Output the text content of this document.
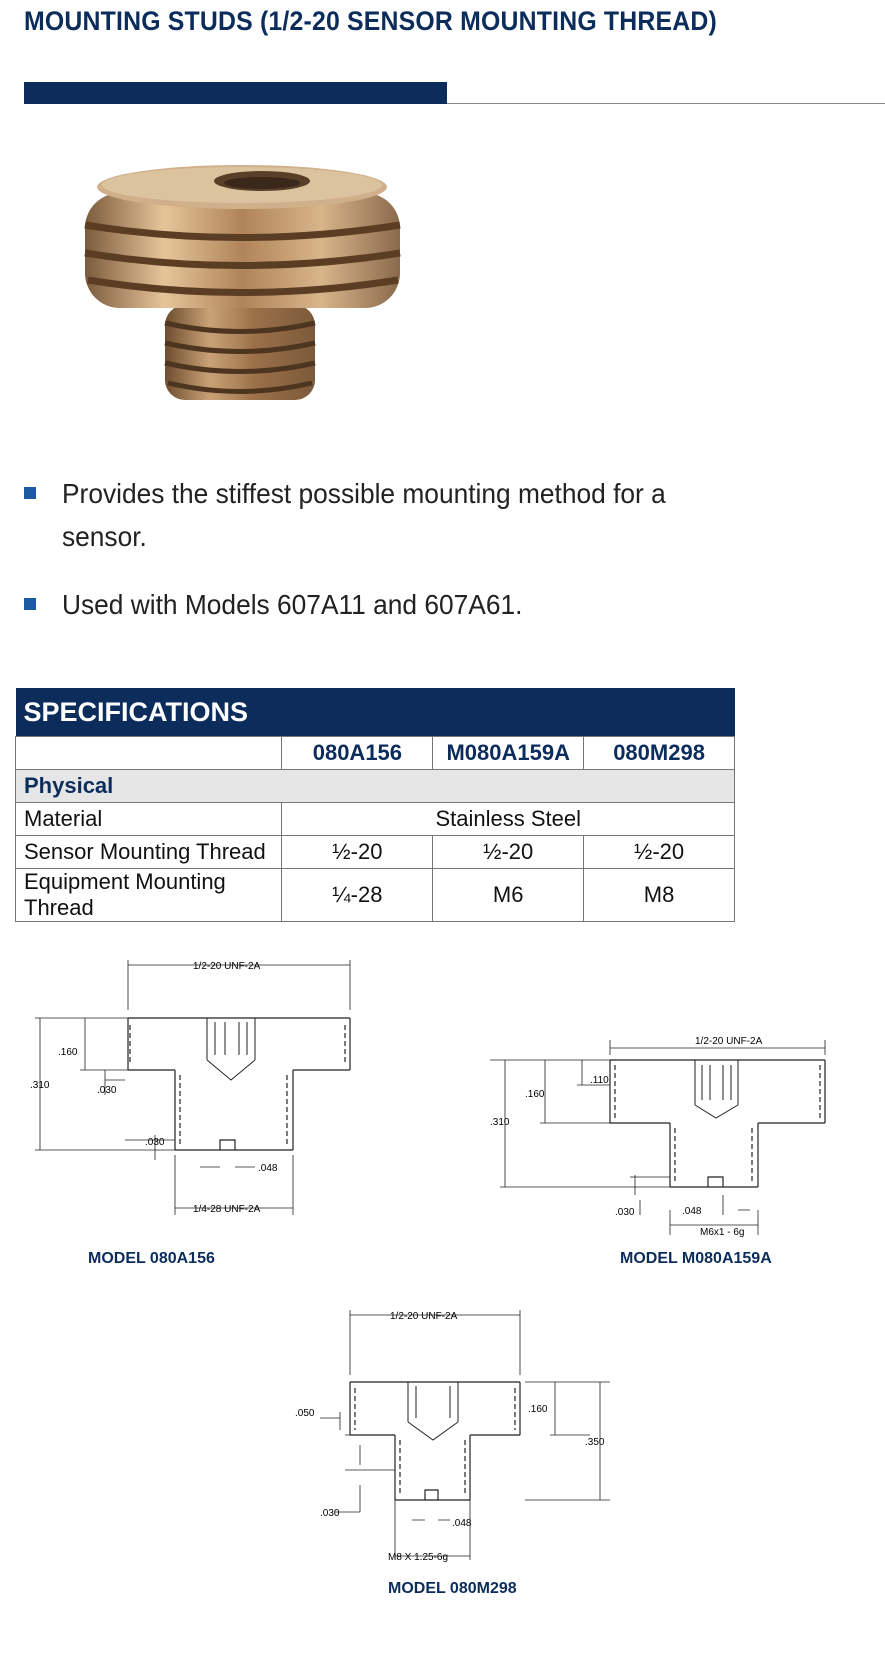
MOUNTING STUDS (1/2-20 SENSOR MOUNTING THREAD)
Provides the stiffest possible mounting method for a sensor.
Used with Models 607A11 and 607A61.
SPECIFICATIONS			
	080A156	M080A159A	080M298
Physical			
Material	Stainless Steel		
Sensor Mounting Thread	½-20	½-20	½-20
Equipment Mounting Thread	¼-28	M6	M8
1/2-20 UNF-2A
.160
.310	.030
.030
.048
1/4-28 UNF-2A
MODEL 080A156
1/2-20 UNF-2A
.110
.160
.310
.030	.048
M6x1 - 6g
MODEL M080A159A
1/2-20 UNF-2A
.050	.160
.350
.030
.048
M8 X 1.25-6g
MODEL 080M298
